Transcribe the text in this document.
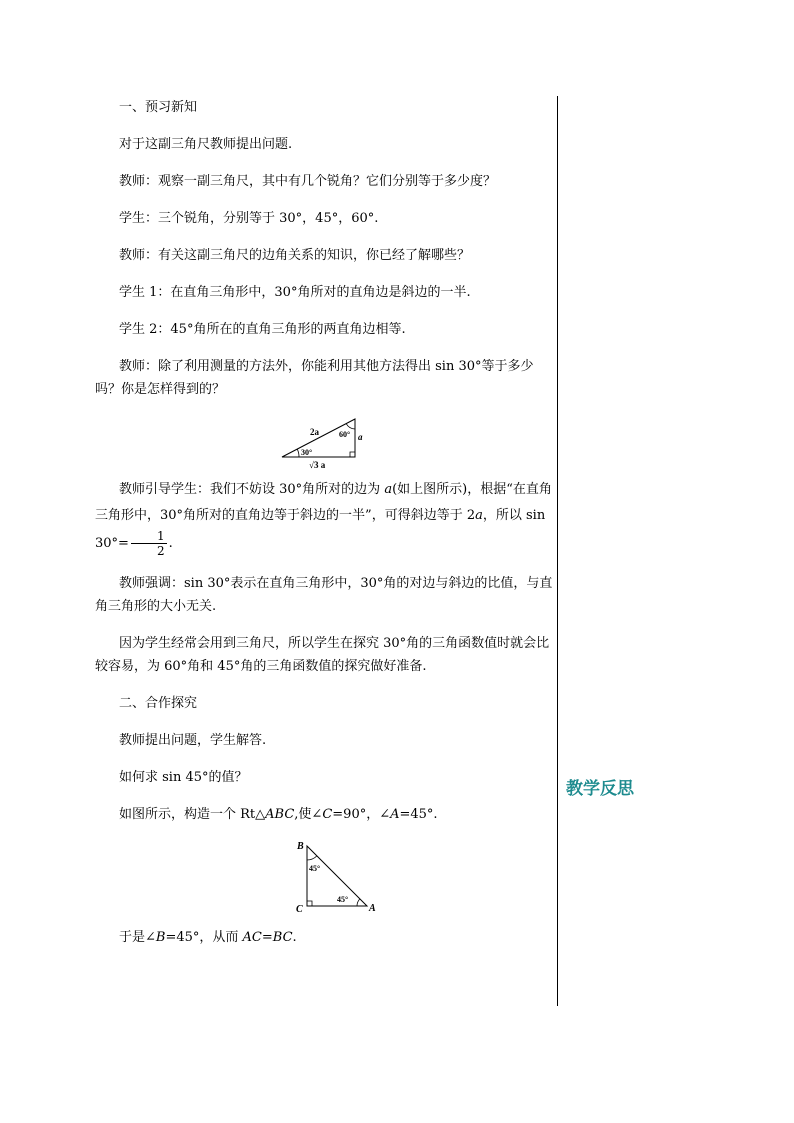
一、预习新知

对于这副三角尺教师提出问题.

教师：观察一副三角尺，其中有几个锐角？它们分别等于多少度？

学生：三个锐角，分别等于 30°，45°，60°.

教师：有关这副三角尺的边角关系的知识，你已经了解哪些？

学生 1：在直角三角形中，30°角所对的直角边是斜边的一半.

学生 2：45°角所在的直角三角形的两直角边相等.

教师：除了利用测量的方法外，你能利用其他方法得出 sin 30°等于多少吗？你是怎样得到的？

2a	60° a
30°
√3 a

教师引导学生：我们不妨设 30°角所对的边为 a(如上图所示)，根据“在直角三角形中，30°角所对的直角边等于斜边的一半”，可得斜边等于 2a，所以 $\sin 30^\circ= \frac{1}{2}$ .

教师强调：sin 30°表示在直角三角形中，30°角的对边与斜边的比值，与直角三角形的大小无关.

因为学生经常会用到三角尺，所以学生在探究 30°角的三角函数值时就会比较容易，为 60°角和 45°角的三角函数值的探究做好准备.

二、合作探究

教师提出问题，学生解答.

如何求 sin 45°的值？

如图所示，构造一个 Rt△ABC,使∠C=90°，∠A=45°.

B
C	A
45°
45°

于是∠B=45°，从而 AC=BC.

教学反思
